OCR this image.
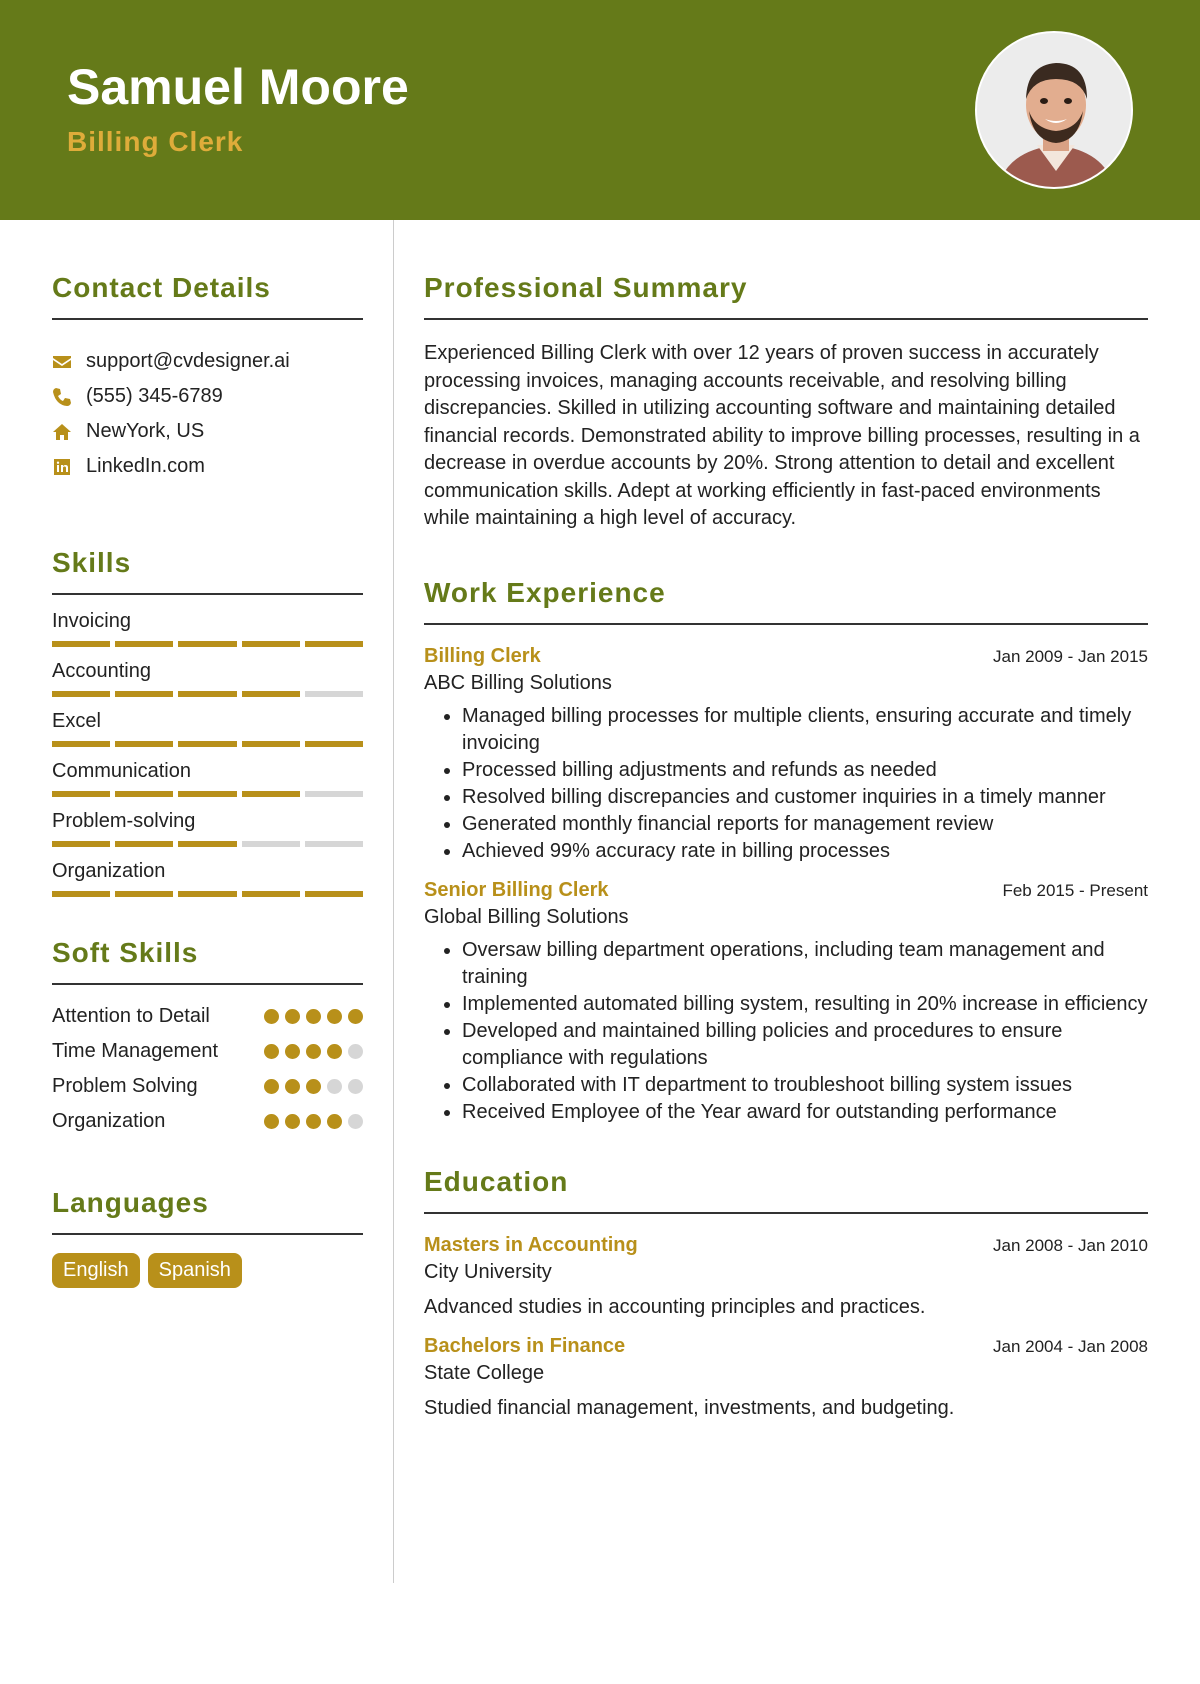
Samuel Moore
Billing Clerk
Contact Details
support@cvdesigner.ai
(555) 345-6789
NewYork, US
LinkedIn.com
Skills
Invoicing
Accounting
Excel
Communication
Problem-solving
Organization
Soft Skills
Attention to Detail
Time Management
Problem Solving
Organization
Languages
English	Spanish
Professional Summary

Experienced Billing Clerk with over 12 years of proven success in accurately processing invoices, managing accounts receivable, and resolving billing discrepancies. Skilled in utilizing accounting software and maintaining detailed financial records. Demonstrated ability to improve billing processes, resulting in a decrease in overdue accounts by 20%. Strong attention to detail and excellent communication skills. Adept at working efficiently in fast-paced environments while maintaining a high level of accuracy.

Work Experience
Billing Clerk	Jan 2009 - Jan 2015
ABC Billing Solutions
• Managed billing processes for multiple clients, ensuring accurate and timely invoicing
• Processed billing adjustments and refunds as needed
• Resolved billing discrepancies and customer inquiries in a timely manner
• Generated monthly financial reports for management review
• Achieved 99% accuracy rate in billing processes
Senior Billing Clerk	Feb 2015 - Present
Global Billing Solutions
• Oversaw billing department operations, including team management and training
• Implemented automated billing system, resulting in 20% increase in efficiency
• Developed and maintained billing policies and procedures to ensure compliance with regulations
• Collaborated with IT department to troubleshoot billing system issues
• Received Employee of the Year award for outstanding performance
Education
Masters in Accounting	Jan 2008 - Jan 2010
City University
Advanced studies in accounting principles and practices.
Bachelors in Finance	Jan 2004 - Jan 2008
State College
Studied financial management, investments, and budgeting.
